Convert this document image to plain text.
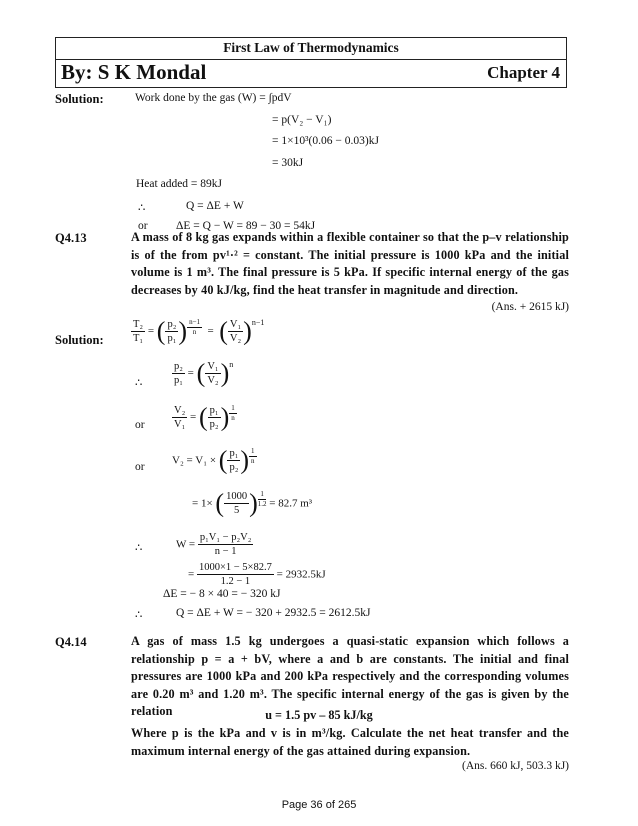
First Law of Thermodynamics
By: S K Mondal	Chapter 4
Solution:	Work done by the gas (W) = ∫pdV
= p(V₂ − V₁)
= 1×10³(0.06 − 0.03)kJ
= 30kJ
Heat added = 89kJ
∴	Q = ΔE + W
or ΔE = Q − W = 89 − 30 = 54kJ
Q4.13	A mass of 8 kg gas expands within a flexible container so that the p–v relationship is of the from pv¹·² = constant. The initial pressure is 1000 kPa and the initial volume is 1 m³. The final pressure is 5 kPa. If specific internal energy of the gas decreases by 40 kJ/kg, find the heat transfer in magnitude and direction.
(Ans. + 2615 kJ)
Solution:	$\frac{\text{T₂}}{\text{T₁}}$ = ( $\frac{\text{p₂}}{\text{p₁}}$ ) $\frac{n-1}{n}$ =  ( $\frac{\text{V₁}}{\text{V₂}} )^{n-1}$
∴	$\frac{\text{p₂}}{\text{p₁}}$ = ( $\frac{\text{V₁}}{\text{V₂}} )^n$
or	$\frac{\text{V₂}}{\text{V₁}}$ = ( $\frac{\text{p₁}}{\text{p₂}}$ ) $\frac{1}{n}$
or
V₂ = V₁ × ( $\frac{\text{p₁}}{\text{p₂}}$ ) $\frac{1}{n}$
= 1× ( $\frac{1000}{5}$ ) $\frac{1}{1.2} = 82.7$ m³
∴	$W = \frac{\text{p₁V₁ − p₂V₂}}{n - 1}$
= $\frac{1000\times 1 - 5\times 82.7}{1.2 - 1} = 2932.5kJ$
ΔE = − 8 × 40 = − 320 kJ
∴	Q = ΔE + W = − 320 + 2932.5 = 2612.5kJ
Q4.14	A gas of mass 1.5 kg undergoes a quasi-static expansion which follows a relationship p = a + bV, where a and b are constants. The initial and final pressures are 1000 kPa and 200 kPa respectively and the corresponding volumes are 0.20 m³ and 1.20 m³. The specific internal energy of the gas is given by the relation	u = 1.5 pv – 85 kJ/kg
Where p is the kPa and v is in m³/kg. Calculate the net heat transfer and the maximum internal energy of the gas attained during expansion.
(Ans. 660 kJ, 503.3 kJ)
Page 36 of 265
